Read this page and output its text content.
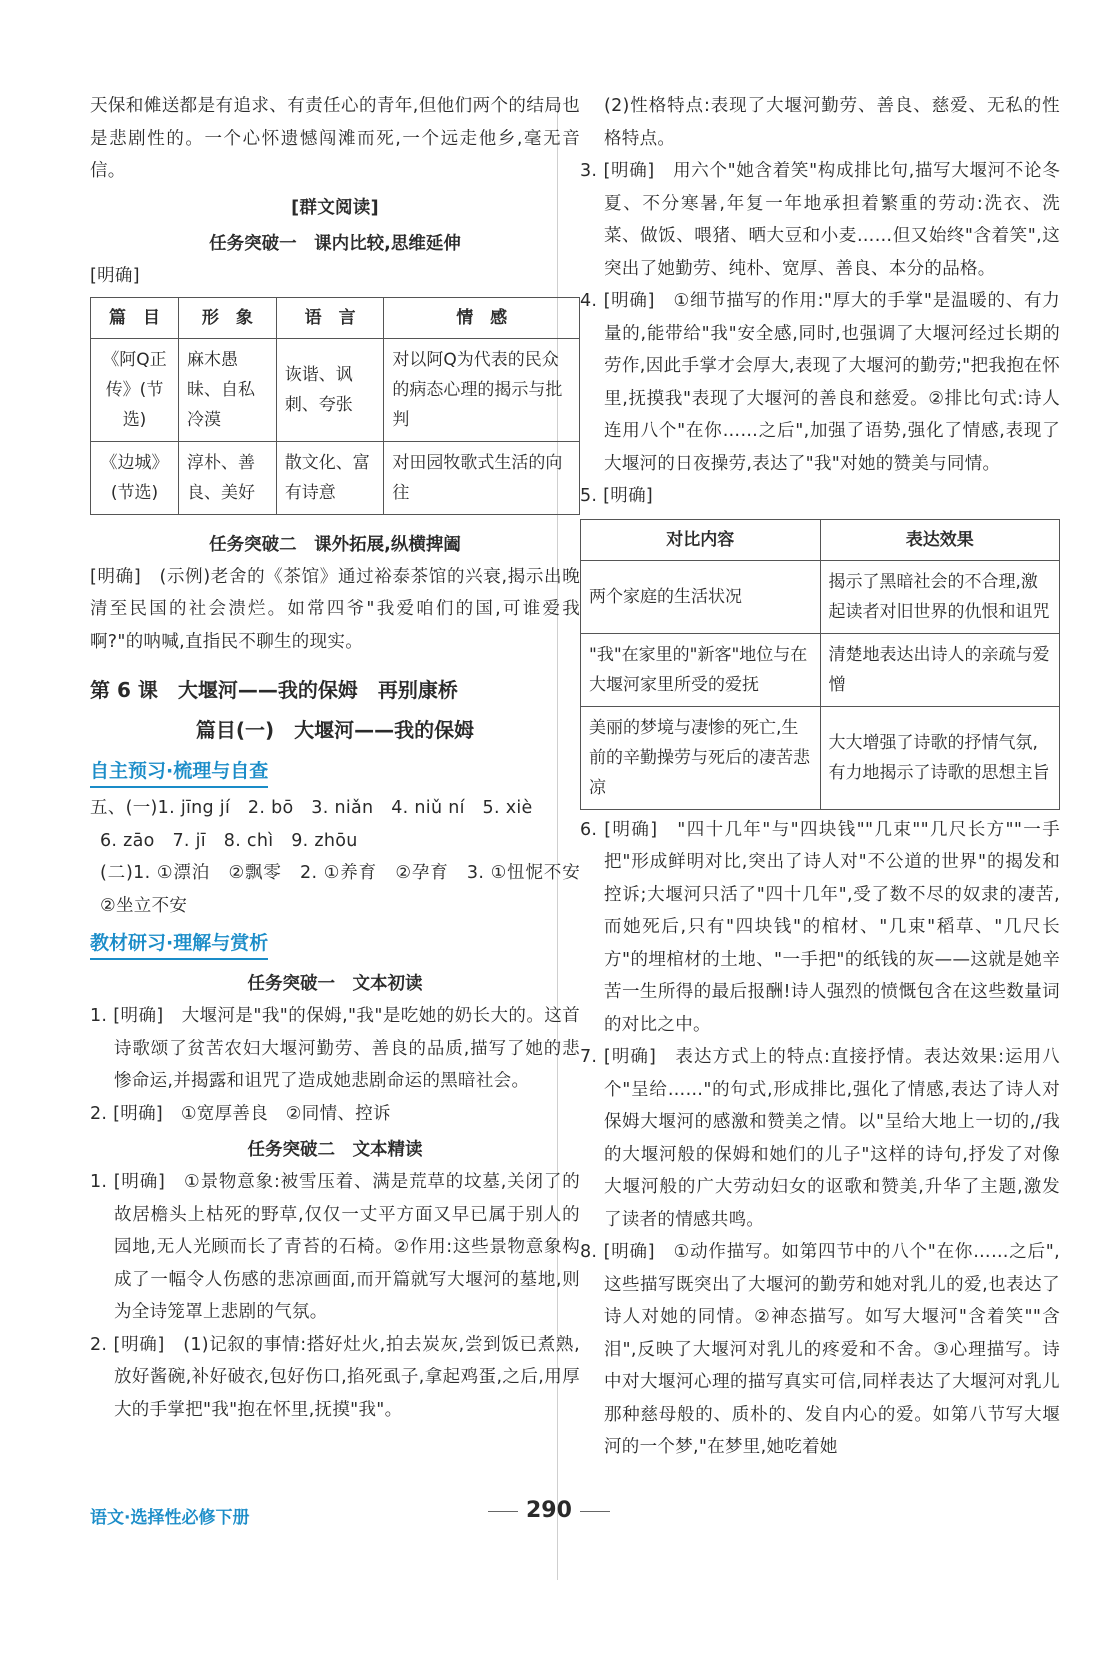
天保和傩送都是有追求、有责任心的青年,但他们两个的结局也是悲剧性的。一个心怀遗憾闯滩而死,一个远走他乡,毫无音信。

[群文阅读]

任务突破一　课内比较,思维延伸

[明确]

篇　目	形　象	语　言	情　感
《阿Q正传》(节选)	麻木愚昧、自私冷漠	诙谐、讽刺、夸张	对以阿Q为代表的民众的病态心理的揭示与批判
《边城》(节选)	淳朴、善良、美好	散文化、富有诗意	对田园牧歌式生活的向往

任务突破二　课外拓展,纵横捭阖

[明确]　(示例)老舍的《茶馆》通过裕泰茶馆的兴衰,揭示出晚清至民国的社会溃烂。如常四爷"我爱咱们的国,可谁爱我啊?"的呐喊,直指民不聊生的现实。

第 6 课　大堰河——我的保姆　再别康桥

篇目(一)　大堰河——我的保姆

自主预习·梳理与自查

五、(一)1. jīng jí　2. bō　3. niǎn　4. niǔ ní　5. xiè

6. zāo　7. jī　8. chì　9. zhōu

(二)1. ①漂泊　②飘零　2. ①养育　②孕育　3. ①忸怩不安　②坐立不安

教材研习·理解与赏析

任务突破一　文本初读

1. [明确]　大堰河是"我"的保姆,"我"是吃她的奶长大的。这首诗歌颂了贫苦农妇大堰河勤劳、善良的品质,描写了她的悲惨命运,并揭露和诅咒了造成她悲剧命运的黑暗社会。

2. [明确]　①宽厚善良　②同情、控诉

任务突破二　文本精读

1. [明确]　①景物意象:被雪压着、满是荒草的坟墓,关闭了的故居檐头上枯死的野草,仅仅一丈平方面又早已属于别人的园地,无人光顾而长了青苔的石椅。②作用:这些景物意象构成了一幅令人伤感的悲凉画面,而开篇就写大堰河的墓地,则为全诗笼罩上悲剧的气氛。

2. [明确]　(1)记叙的事情:搭好灶火,拍去炭灰,尝到饭已煮熟,放好酱碗,补好破衣,包好伤口,掐死虱子,拿起鸡蛋,之后,用厚大的手掌把"我"抱在怀里,抚摸"我"。

(2)性格特点:表现了大堰河勤劳、善良、慈爱、无私的性格特点。

3. [明确]　用六个"她含着笑"构成排比句,描写大堰河不论冬夏、不分寒暑,年复一年地承担着繁重的劳动:洗衣、洗菜、做饭、喂猪、晒大豆和小麦……但又始终"含着笑",这突出了她勤劳、纯朴、宽厚、善良、本分的品格。

4. [明确]　①细节描写的作用:"厚大的手掌"是温暖的、有力量的,能带给"我"安全感,同时,也强调了大堰河经过长期的劳作,因此手掌才会厚大,表现了大堰河的勤劳;"把我抱在怀里,抚摸我"表现了大堰河的善良和慈爱。②排比句式:诗人连用八个"在你……之后",加强了语势,强化了情感,表现了大堰河的日夜操劳,表达了"我"对她的赞美与同情。

5. [明确]

对比内容	表达效果
两个家庭的生活状况	揭示了黑暗社会的不合理,激起读者对旧世界的仇恨和诅咒
"我"在家里的"新客"地位与在大堰河家里所受的爱抚	清楚地表达出诗人的亲疏与爱憎
美丽的梦境与凄惨的死亡,生前的辛勤操劳与死后的凄苦悲凉	大大增强了诗歌的抒情气氛,有力地揭示了诗歌的思想主旨

6. [明确]　"四十几年"与"四块钱""几束""几尺长方""一手把"形成鲜明对比,突出了诗人对"不公道的世界"的揭发和控诉;大堰河只活了"四十几年",受了数不尽的奴隶的凄苦,而她死后,只有"四块钱"的棺材、"几束"稻草、"几尺长方"的埋棺材的土地、"一手把"的纸钱的灰——这就是她辛苦一生所得的最后报酬!诗人强烈的愤慨包含在这些数量词的对比之中。

7. [明确]　表达方式上的特点:直接抒情。表达效果:运用八个"呈给……"的句式,形成排比,强化了情感,表达了诗人对保姆大堰河的感激和赞美之情。以"呈给大地上一切的,/我的大堰河般的保姆和她们的儿子"这样的诗句,抒发了对像大堰河般的广大劳动妇女的讴歌和赞美,升华了主题,激发了读者的情感共鸣。

8. [明确]　①动作描写。如第四节中的八个"在你……之后",这些描写既突出了大堰河的勤劳和她对乳儿的爱,也表达了诗人对她的同情。②神态描写。如写大堰河"含着笑""含泪",反映了大堰河对乳儿的疼爱和不舍。③心理描写。诗中对大堰河心理的描写真实可信,同样表达了大堰河对乳儿那种慈母般的、质朴的、发自内心的爱。如第八节写大堰河的一个梦,"在梦里,她吃着她

语文·选择性必修下册	290
